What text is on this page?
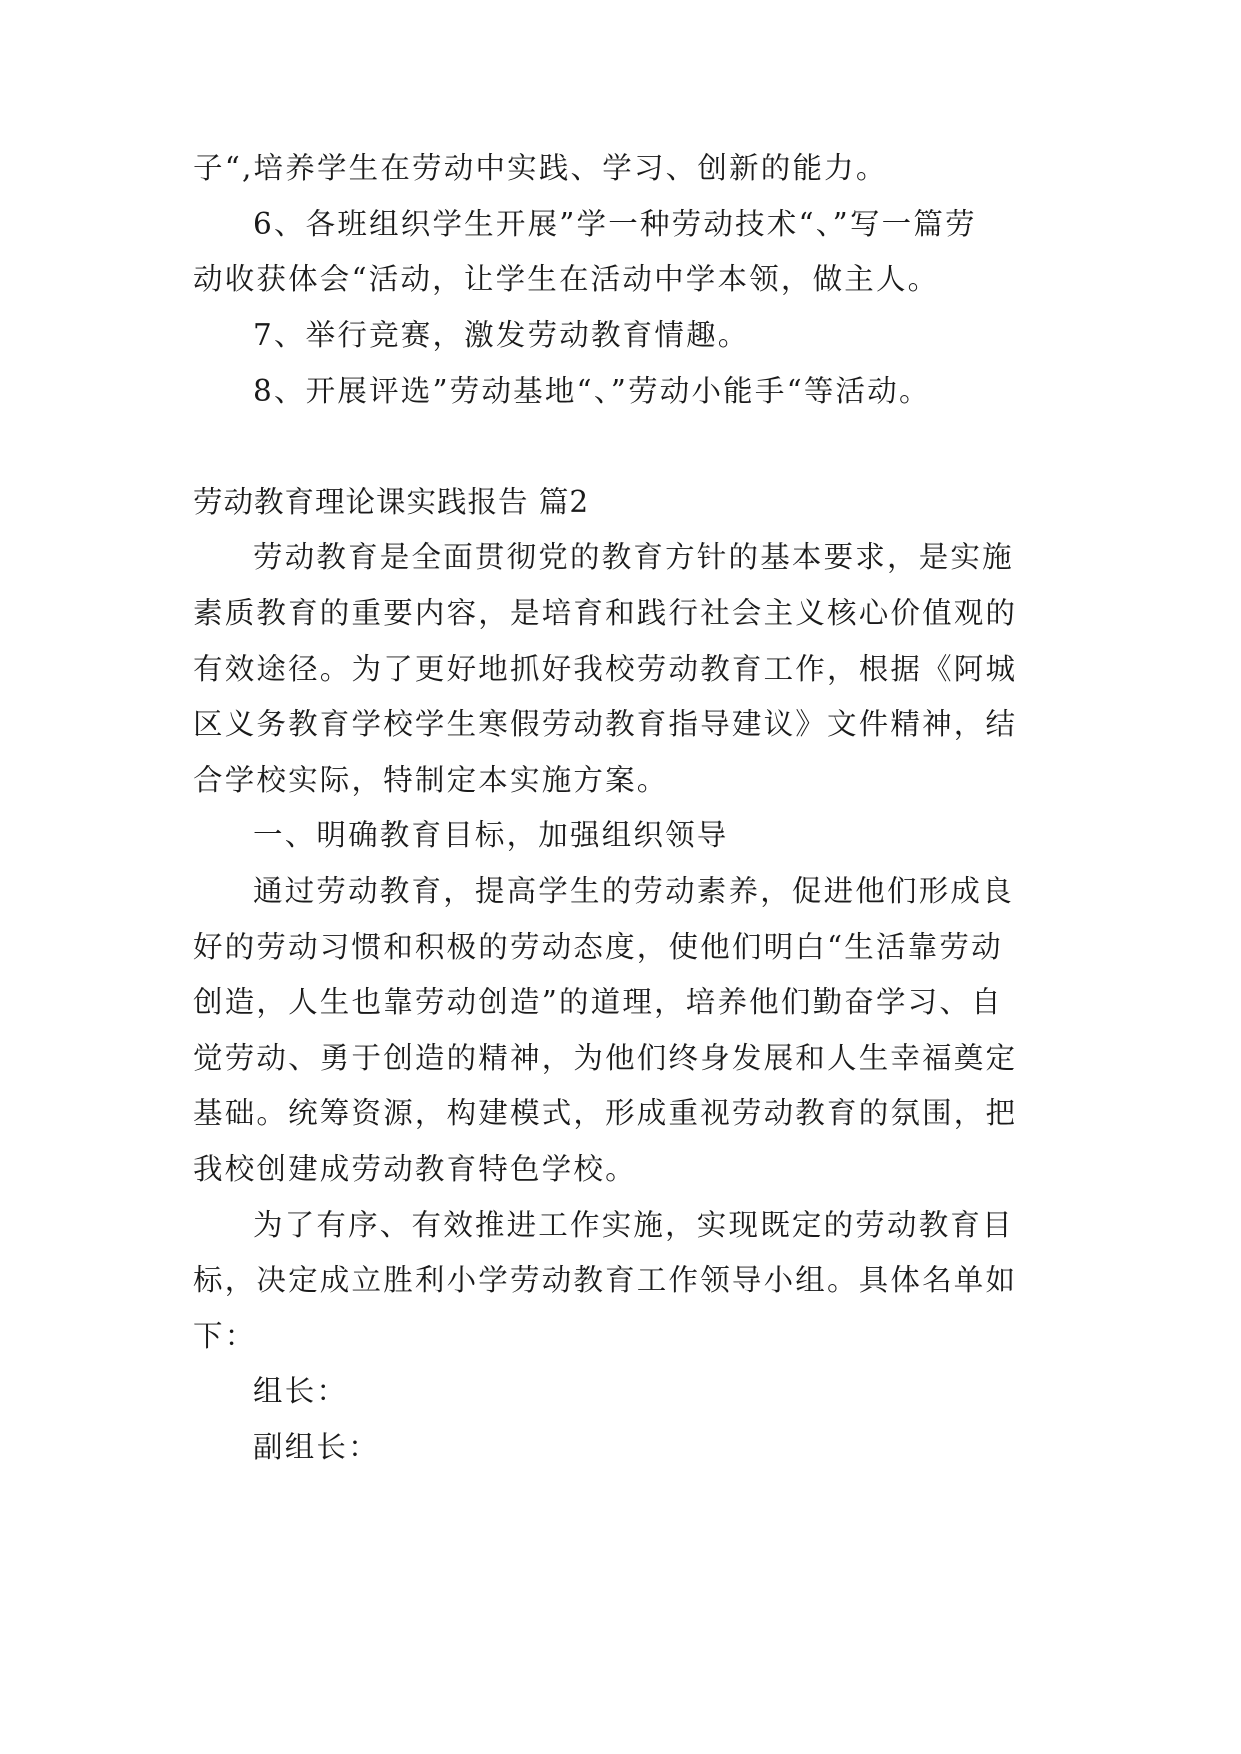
子“,培养学生在劳动中实践、学习、创新的能力。
6、各班组织学生开展”学一种劳动技术“、”写一篇劳
动收获体会“活动，让学生在活动中学本领，做主人。
7、举行竞赛，激发劳动教育情趣。
8、开展评选”劳动基地“、”劳动小能手“等活动。
劳动教育理论课实践报告 篇2
劳动教育是全面贯彻党的教育方针的基本要求，是实施
素质教育的重要内容，是培育和践行社会主义核心价值观的
有效途径。为了更好地抓好我校劳动教育工作，根据《阿城
区义务教育学校学生寒假劳动教育指导建议》文件精神，结
合学校实际，特制定本实施方案。
一、明确教育目标，加强组织领导
通过劳动教育，提高学生的劳动素养，促进他们形成良
好的劳动习惯和积极的劳动态度，使他们明白“生活靠劳动
创造，人生也靠劳动创造”的道理，培养他们勤奋学习、自
觉劳动、勇于创造的精神，为他们终身发展和人生幸福奠定
基础。统筹资源，构建模式，形成重视劳动教育的氛围，把
我校创建成劳动教育特色学校。
为了有序、有效推进工作实施，实现既定的劳动教育目
标，决定成立胜利小学劳动教育工作领导小组。具体名单如
下：
组长：
副组长：
